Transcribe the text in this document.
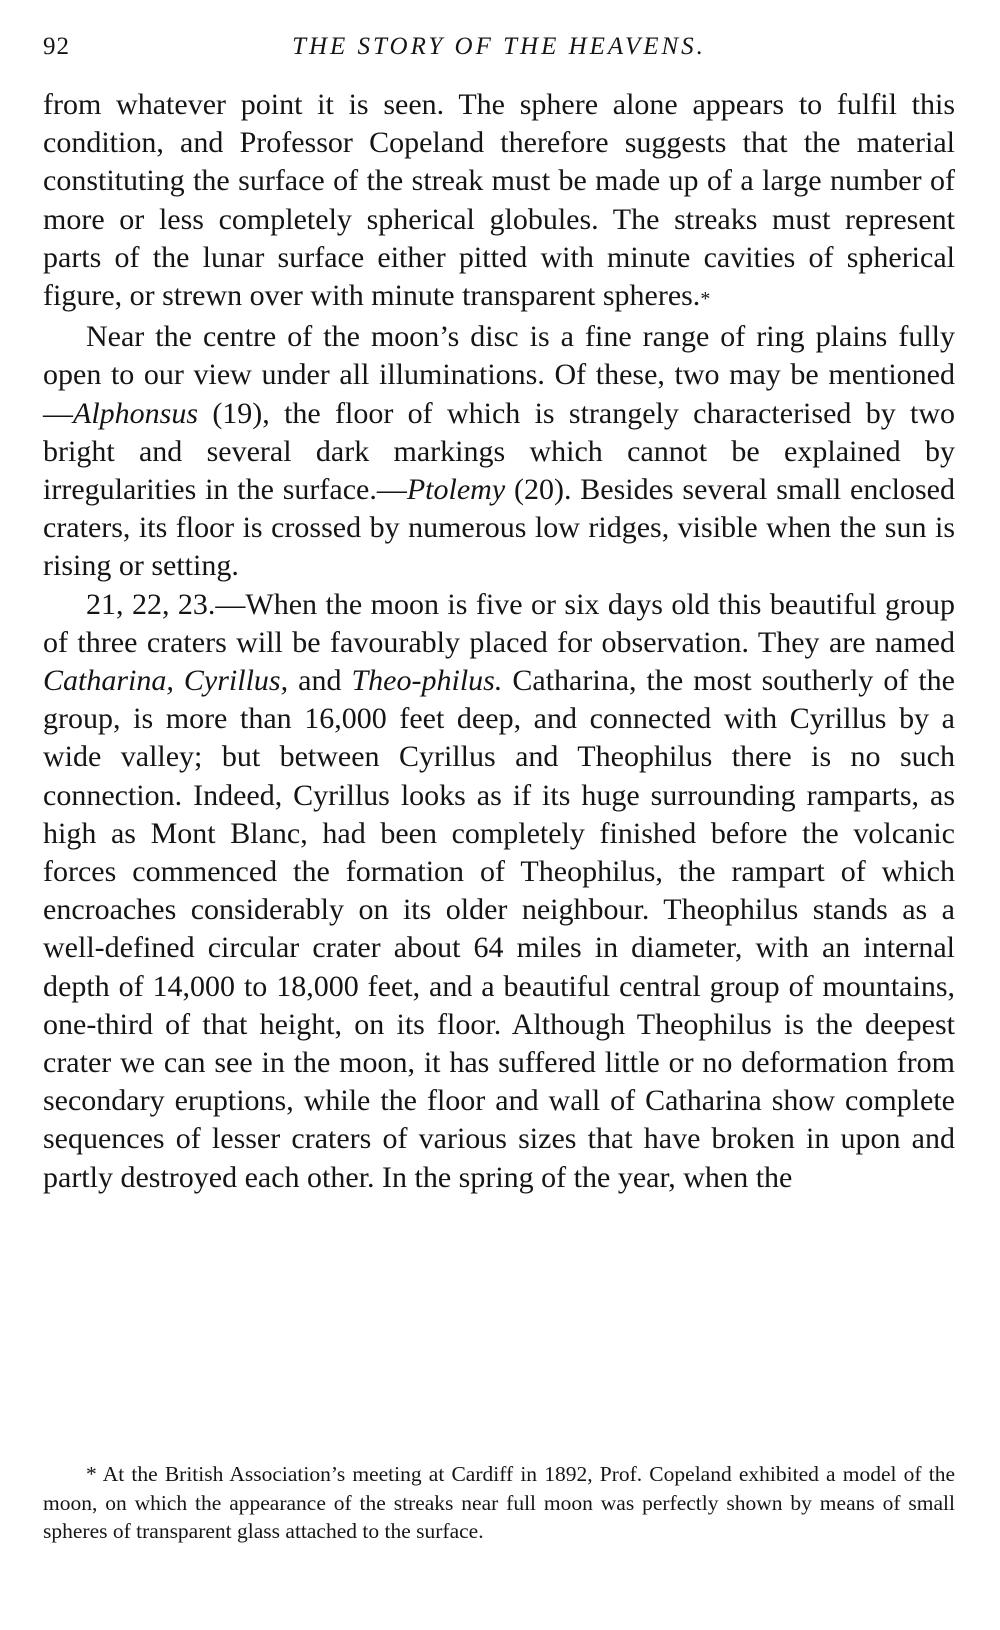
92	THE STORY OF THE HEAVENS.

from whatever point it is seen. The sphere alone appears to fulfil this condition, and Professor Copeland therefore suggests that the material constituting the surface of the streak must be made up of a large number of more or less completely spherical globules. The streaks must represent parts of the lunar surface either pitted with minute cavities of spherical figure, or strewn over with minute transparent spheres.*

Near the centre of the moon’s disc is a fine range of ring plains fully open to our view under all illuminations. Of these, two may be mentioned—Alphonsus (19), the floor of which is strangely characterised by two bright and several dark markings which cannot be explained by irregularities in the surface.—Ptolemy (20). Besides several small enclosed craters, its floor is crossed by numerous low ridges, visible when the sun is rising or setting.

21, 22, 23.—When the moon is five or six days old this beautiful group of three craters will be favourably placed for observation. They are named Catharina, Cyrillus, and Theo-philus. Catharina, the most southerly of the group, is more than 16,000 feet deep, and connected with Cyrillus by a wide valley; but between Cyrillus and Theophilus there is no such connection. Indeed, Cyrillus looks as if its huge surrounding ramparts, as high as Mont Blanc, had been completely finished before the volcanic forces commenced the formation of Theophilus, the rampart of which encroaches considerably on its older neighbour. Theophilus stands as a well-defined circular crater about 64 miles in diameter, with an internal depth of 14,000 to 18,000 feet, and a beautiful central group of mountains, one-third of that height, on its floor. Although Theophilus is the deepest crater we can see in the moon, it has suffered little or no deformation from secondary eruptions, while the floor and wall of Catharina show complete sequences of lesser craters of various sizes that have broken in upon and partly destroyed each other. In the spring of the year, when the

* At the British Association’s meeting at Cardiff in 1892, Prof. Copeland exhibited a model of the moon, on which the appearance of the streaks near full moon was perfectly shown by means of small spheres of transparent glass attached to the surface.
